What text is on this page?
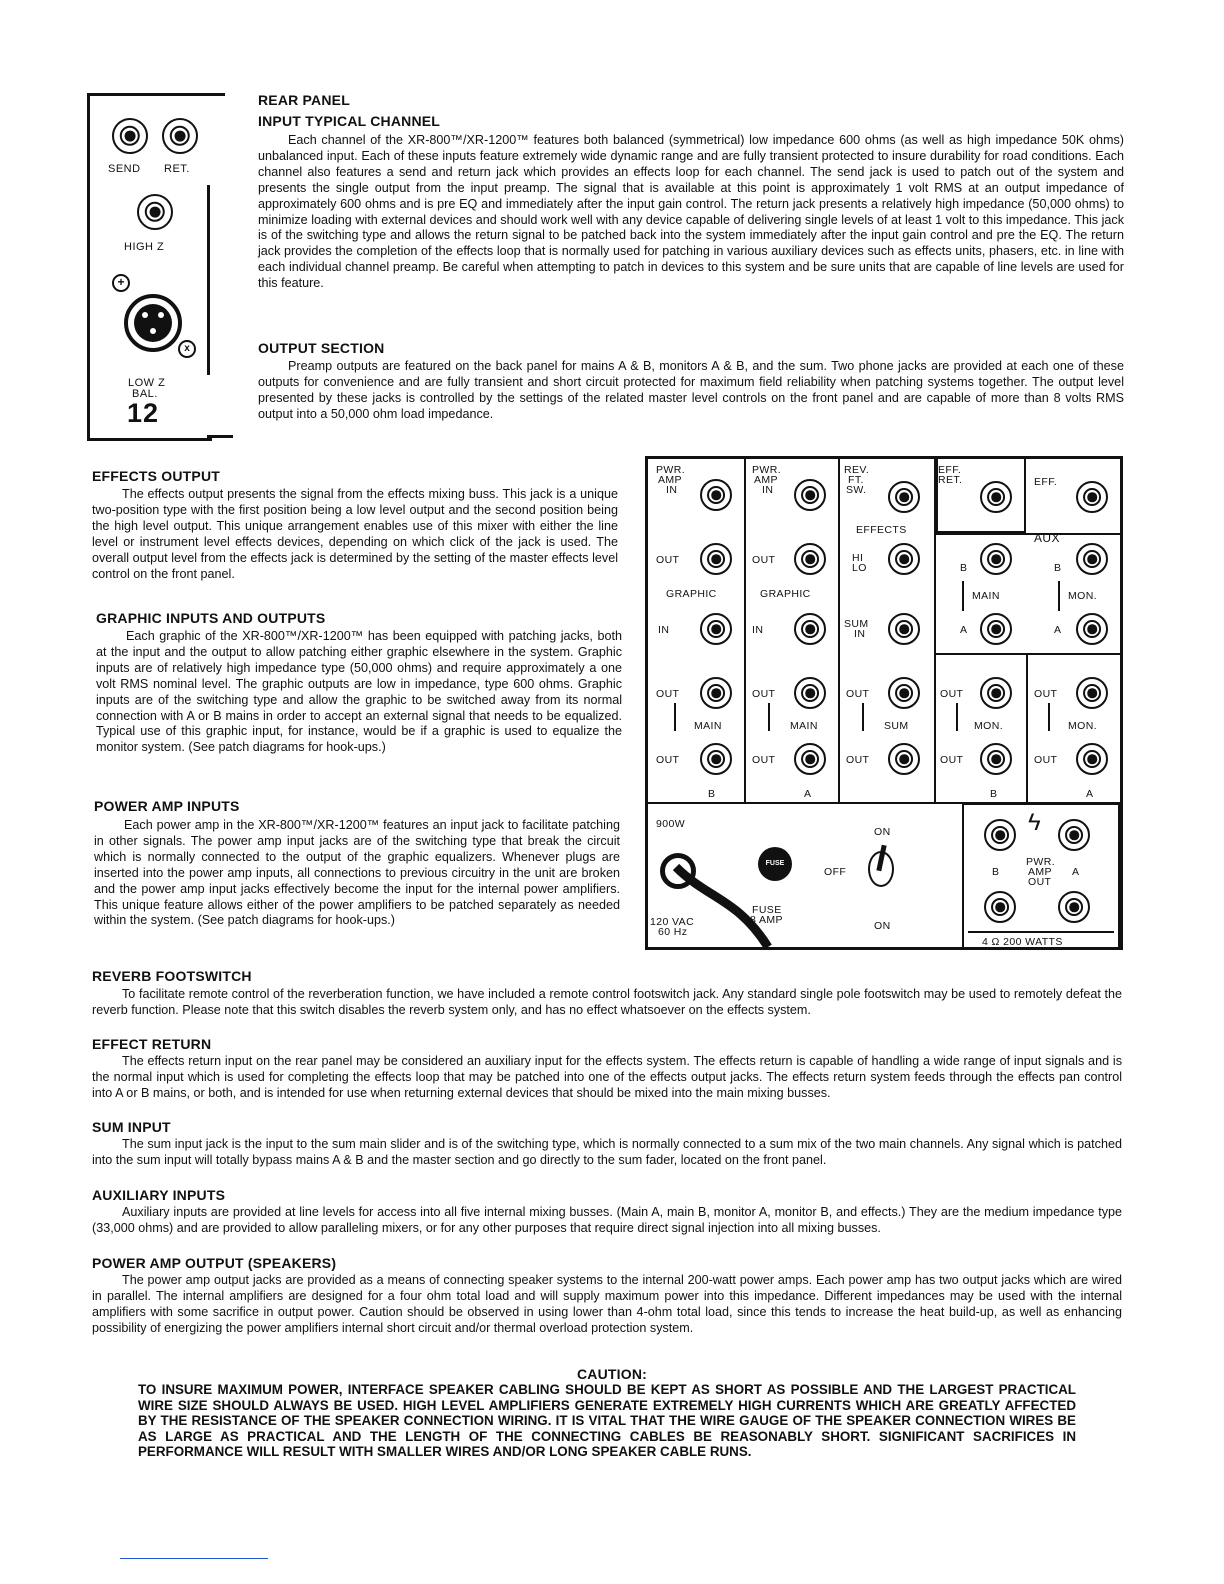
SEND RET.
HIGH Z
+
x
LOW Z
BAL.
12
REAR PANEL
INPUT TYPICAL CHANNEL
Each channel of the XR-800™/XR-1200™ features both balanced (symmetrical) low impedance 600 ohms (as well as high impedance 50K ohms) unbalanced input. Each of these inputs feature extremely wide dynamic range and are fully transient protected to insure durability for road conditions. Each channel also features a send and return jack which provides an effects loop for each channel. The send jack is used to patch out of the system and presents the single output from the input preamp. The signal that is available at this point is approximately 1 volt RMS at an output impedance of approximately 600 ohms and is pre EQ and immediately after the input gain control. The return jack presents a relatively high impedance (50,000 ohms) to minimize loading with external devices and should work well with any device capable of delivering single levels of at least 1 volt to this impedance. This jack is of the switching type and allows the return signal to be patched back into the system immediately after the input gain control and pre the EQ. The return jack provides the completion of the effects loop that is normally used for patching in various auxiliary devices such as effects units, phasers, etc. in line with each individual channel preamp. Be careful when attempting to patch in devices to this system and be sure units that are capable of line levels are used for this feature.
OUTPUT SECTION
Preamp outputs are featured on the back panel for mains A & B, monitors A & B, and the sum. Two phone jacks are provided at each one of these outputs for convenience and are fully transient and short circuit protected for maximum field reliability when patching systems together. The output level presented by these jacks is controlled by the settings of the related master level controls on the front panel and are capable of more than 8 volts RMS output into a 50,000 ohm load impedance.
EFFECTS OUTPUT
The effects output presents the signal from the effects mixing buss. This jack is a unique two-position type with the first position being a low level output and the second position being the high level output. This unique arrangement enables use of this mixer with either the line level or instrument level effects devices, depending on which click of the jack is used. The overall output level from the effects jack is determined by the setting of the master effects level control on the front panel.
GRAPHIC INPUTS AND OUTPUTS
Each graphic of the XR-800™/XR-1200™ has been equipped with patching jacks, both at the input and the output to allow patching either graphic elsewhere in the system. Graphic inputs are of relatively high impedance type (50,000 ohms) and require approximately a one volt RMS nominal level. The graphic outputs are low in impedance, type 600 ohms. Graphic inputs are of the switching type and allow the graphic to be switched away from its normal connection with A or B mains in order to accept an external signal that needs to be equalized. Typical use of this graphic input, for instance, would be if a graphic is used to equalize the monitor system. (See patch diagrams for hook-ups.)
POWER AMP INPUTS
Each power amp in the XR-800™/XR-1200™ features an input jack to facilitate patching in other signals. The power amp input jacks are of the switching type that break the circuit which is normally connected to the output of the graphic equalizers. Whenever plugs are inserted into the power amp inputs, all connections to previous circuitry in the unit are broken and the power amp input jacks effectively become the input for the internal power amplifiers. This unique feature allows either of the power amplifiers to be patched separately as needed within the system. (See patch diagrams for hook-ups.)
PWR.
AMP
IN
OUT
GRAPHIC
IN
OUT
MAIN
OUT
B
PWR.
AMP
IN
OUT
GRAPHIC
IN
OUT
MAIN
OUT
A
REV.
FT.
SW.
EFFECTS
HI
LO
SUM
IN
OUT
SUM
OUT
EFF.
RET.
B
MAIN
A
OUT
MON.
OUT
B
EFF.
AUX
B
MON.
A
OUT
MON.
OUT
A
900W
120 VAC
60 Hz
FUSE
FUSE
8 AMP
ON
OFF
ON
ϟ
PWR.
AMP
OUT
B	A
4 Ω 200 WATTS
REVERB FOOTSWITCH
To facilitate remote control of the reverberation function, we have included a remote control footswitch jack. Any standard single pole footswitch may be used to remotely defeat the reverb function. Please note that this switch disables the reverb system only, and has no effect whatsoever on the effects system.
EFFECT RETURN
The effects return input on the rear panel may be considered an auxiliary input for the effects system. The effects return is capable of handling a wide range of input signals and is the normal input which is used for completing the effects loop that may be patched into one of the effects output jacks. The effects return system feeds through the effects pan control into A or B mains, or both, and is intended for use when returning external devices that should be mixed into the main mixing busses.
SUM INPUT
The sum input jack is the input to the sum main slider and is of the switching type, which is normally connected to a sum mix of the two main channels. Any signal which is patched into the sum input will totally bypass mains A & B and the master section and go directly to the sum fader, located on the front panel.
AUXILIARY INPUTS
Auxiliary inputs are provided at line levels for access into all five internal mixing busses. (Main A, main B, monitor A, monitor B, and effects.) They are the medium impedance type (33,000 ohms) and are provided to allow paralleling mixers, or for any other purposes that require direct signal injection into all mixing busses.
POWER AMP OUTPUT (SPEAKERS)
The power amp output jacks are provided as a means of connecting speaker systems to the internal 200-watt power amps. Each power amp has two output jacks which are wired in parallel. The internal amplifiers are designed for a four ohm total load and will supply maximum power into this impedance. Different impedances may be used with the internal amplifiers with some sacrifice in output power. Caution should be observed in using lower than 4-ohm total load, since this tends to increase the heat build-up, as well as enhancing possibility of energizing the power amplifiers internal short circuit and/or thermal overload protection system.
CAUTION:
TO INSURE MAXIMUM POWER, INTERFACE SPEAKER CABLING SHOULD BE KEPT AS SHORT AS POSSIBLE AND THE LARGEST PRACTICAL WIRE SIZE SHOULD ALWAYS BE USED. HIGH LEVEL AMPLIFIERS GENERATE EXTREMELY HIGH CURRENTS WHICH ARE GREATLY AFFECTED BY THE RESISTANCE OF THE SPEAKER CONNECTION WIRING. IT IS VITAL THAT THE WIRE GAUGE OF THE SPEAKER CONNECTION WIRES BE AS LARGE AS PRACTICAL AND THE LENGTH OF THE CONNECTING CABLES BE REASONABLY SHORT. SIGNIFICANT SACRIFICES IN PERFORMANCE WILL RESULT WITH SMALLER WIRES AND/OR LONG SPEAKER CABLE RUNS.
